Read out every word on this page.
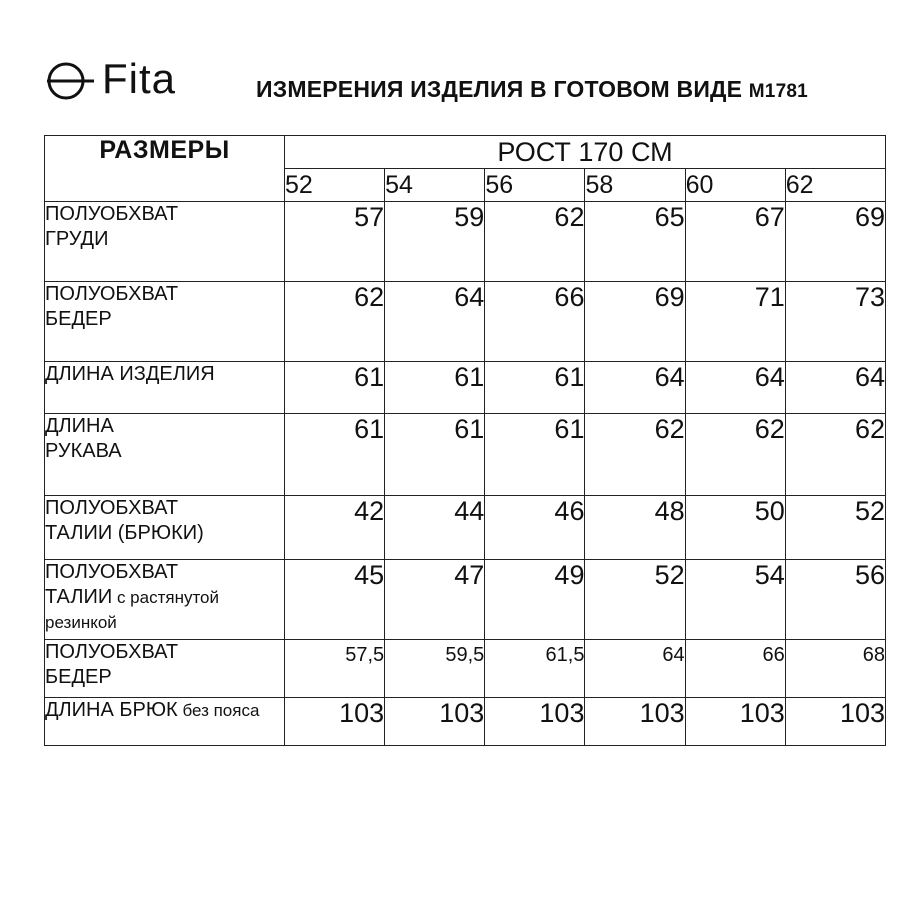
Fita	ИЗМЕРЕНИЯ ИЗДЕЛИЯ В ГОТОВОМ ВИДЕ М1781
РАЗМЕРЫ	РОСТ 170 СМ					
	52	54	56	58	60	62
ПОЛУОБХВАТ
ГРУДИ	57	59	62	65	67	69
ПОЛУОБХВАТ
БЕДЕР	62	64	66	69	71	73
ДЛИНА ИЗДЕЛИЯ	61	61	61	64	64	64
ДЛИНА
РУКАВА	61	61	61	62	62	62
ПОЛУОБХВАТ
ТАЛИИ (БРЮКИ)	42	44	46	48	50	52
ПОЛУОБХВАТ
ТАЛИИ с растянутой резинкой	45	47	49	52	54	56
ПОЛУОБХВАТ
БЕДЕР	57,5	59,5	61,5	64	66	68
ДЛИНА БРЮК без пояса	103	103	103	103	103	103
